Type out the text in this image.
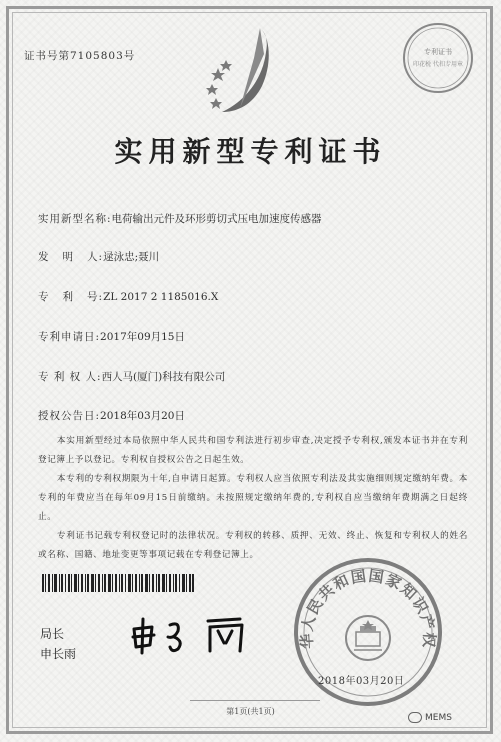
证书号第7105803号	专利证书
印花税 代扣专用章
实用新型专利证书
实用新型名称:电荷输出元件及环形剪切式压电加速度传感器
发   明   人:逯泳忠;聂川
专   利   号:ZL 2017 2 1185016.X
专利申请日:2017年09月15日
专 利 权 人:西人马(厦门)科技有限公司
授权公告日:2018年03月20日

本实用新型经过本局依照中华人民共和国专利法进行初步审查,决定授予专利权,颁发本证书并在专利登记簿上予以登记。专利权自授权公告之日起生效。

本专利的专利权期限为十年,自申请日起算。专利权人应当依照专利法及其实施细则规定缴纳年费。本专利的年费应当在每年09月15日前缴纳。未按照规定缴纳年费的,专利权自应当缴纳年费期满之日起终止。

专利证书记载专利权登记时的法律状况。专利权的转移、质押、无效、终止、恢复和专利权人的姓名或名称、国籍、地址变更等事项记载在专利登记簿上。

局长
申长雨
华人民共和国国家知识产权
2018年03月20日
第1页(共1页)
MEMS
